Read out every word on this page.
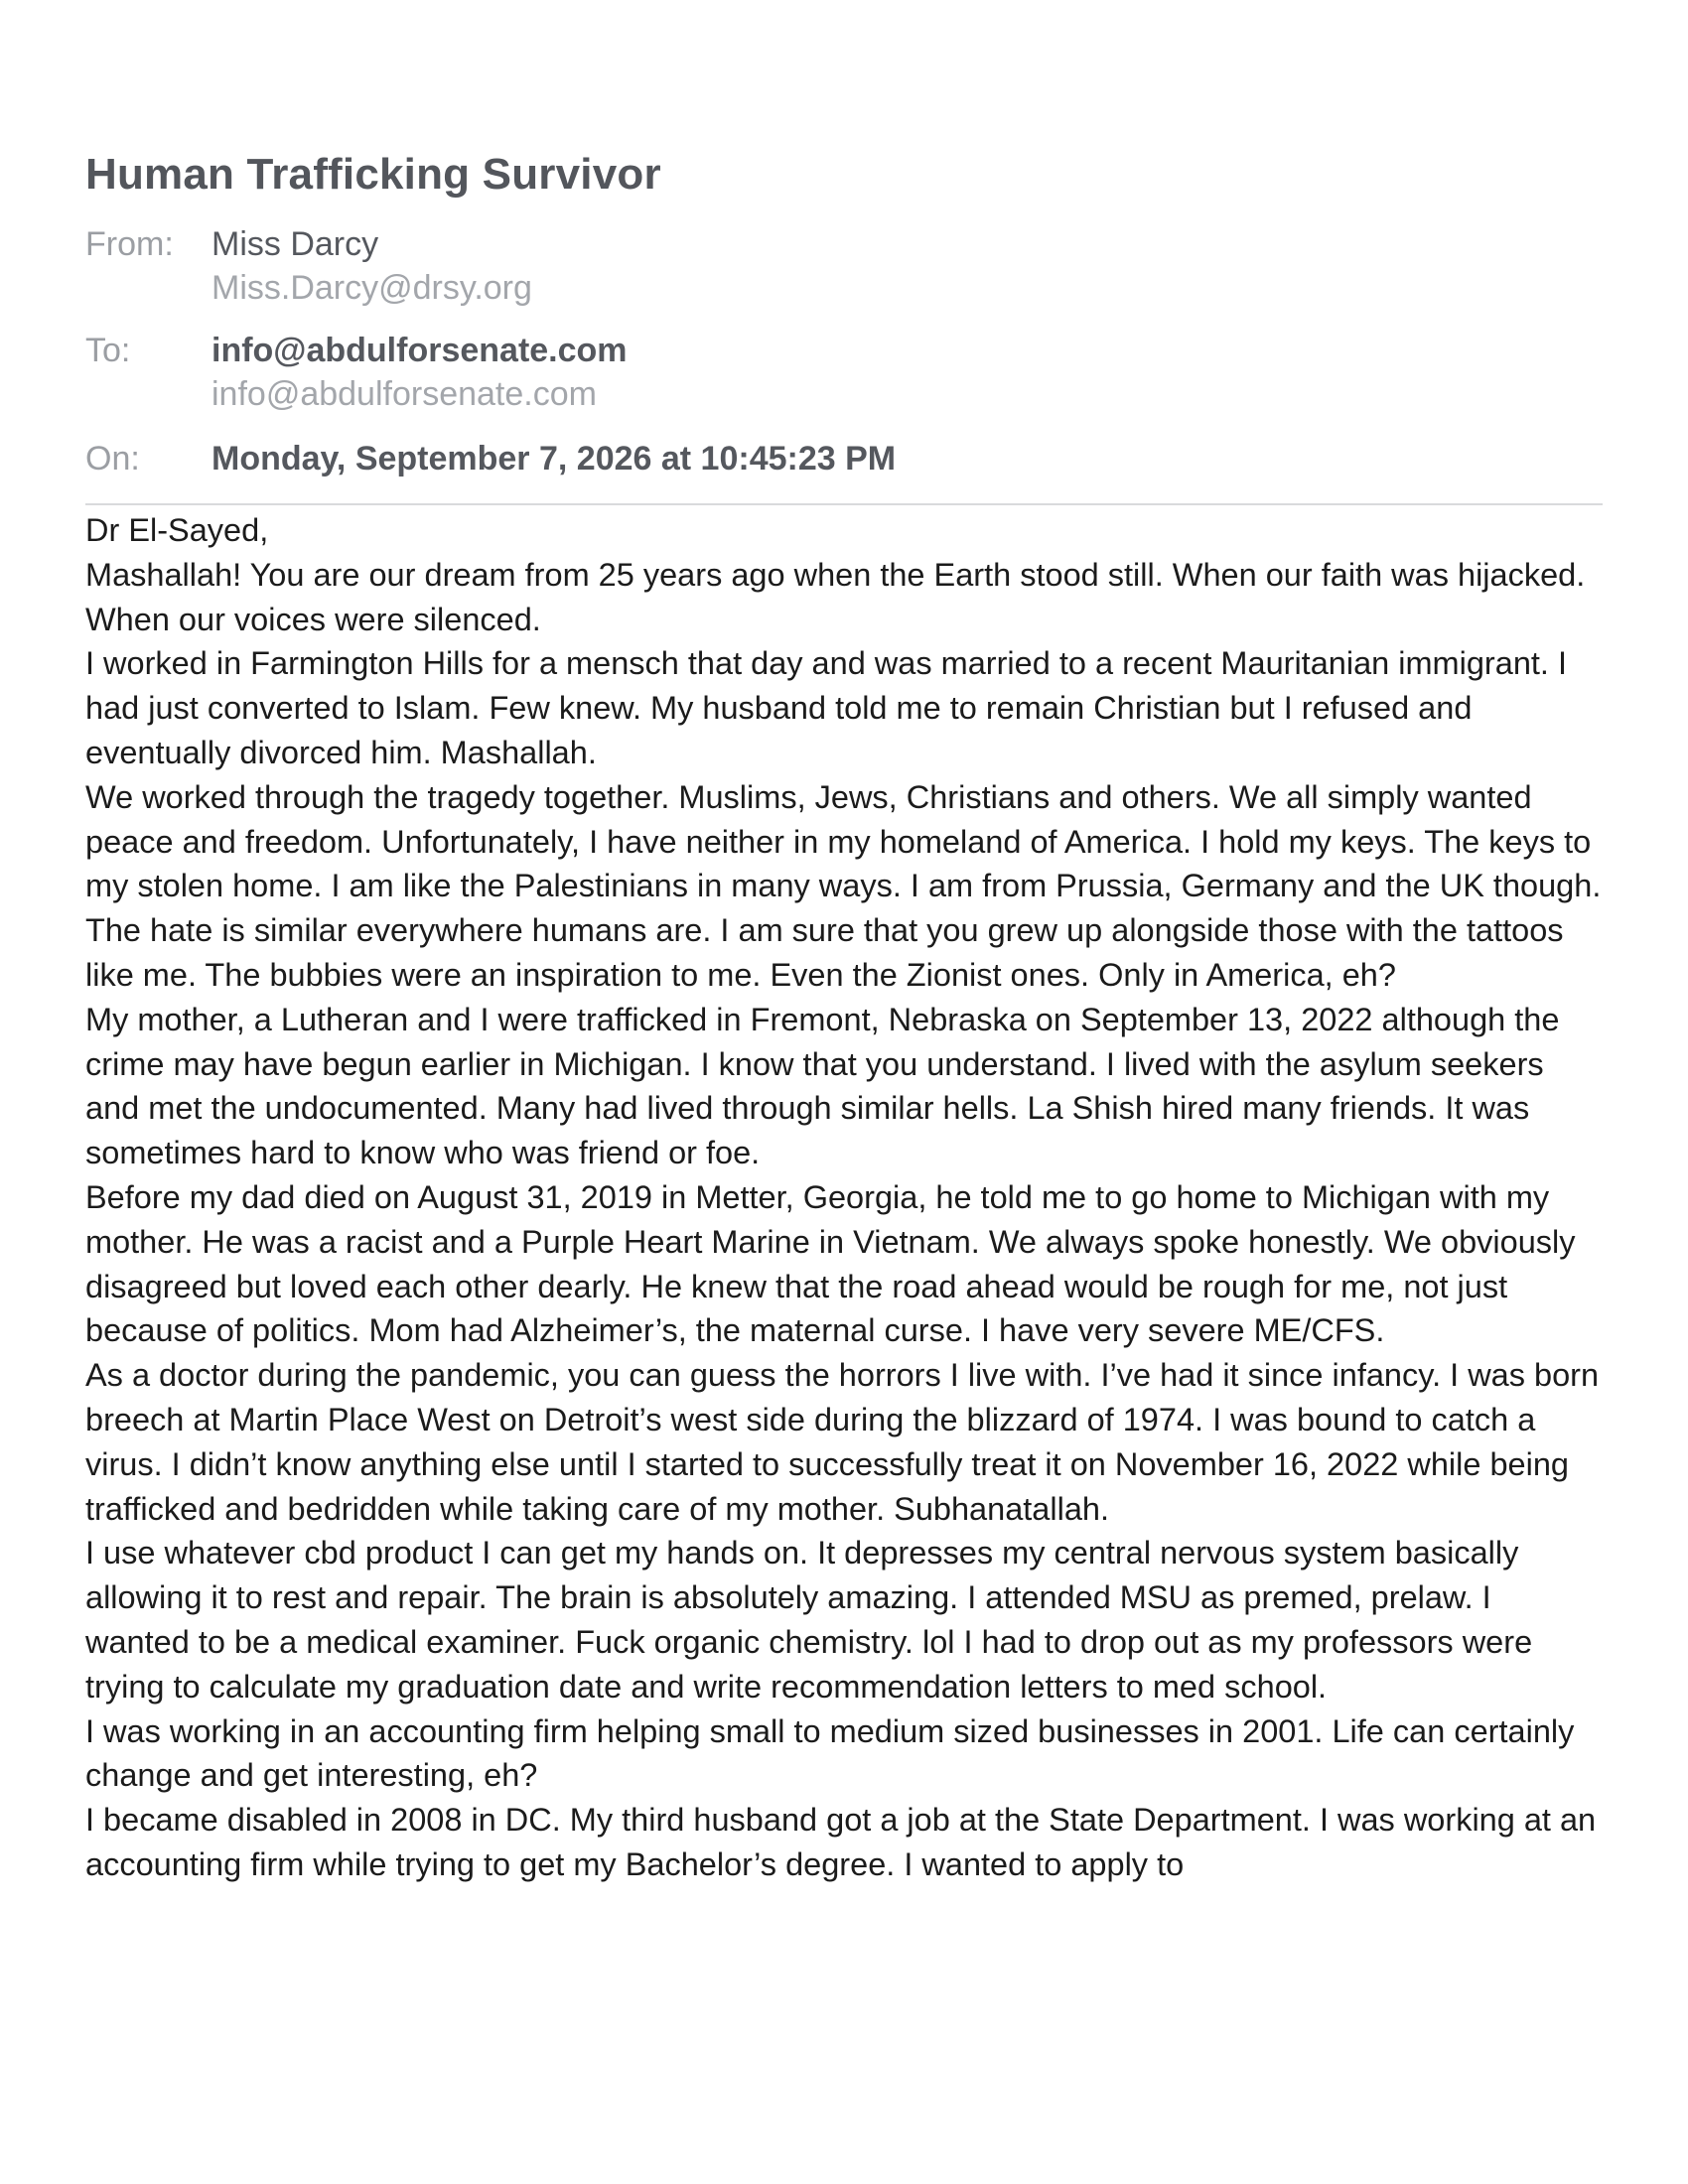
Human Trafficking Survivor
From: Miss Darcy
Miss.Darcy@drsy.org
To: info@abdulforsenate.com
info@abdulforsenate.com
On: Monday, September 7, 2026 at 10:45:23 PM

Dr El-Sayed,

Mashallah! You are our dream from 25 years ago when the Earth stood still. When our faith was hijacked. When our voices were silenced.

I worked in Farmington Hills for a mensch that day and was married to a recent Mauritanian immigrant. I had just converted to Islam. Few knew. My husband told me to remain Christian but I refused and eventually divorced him. Mashallah.

We worked through the tragedy together. Muslims, Jews, Christians and others. We all simply wanted peace and freedom. Unfortunately, I have neither in my homeland of America. I hold my keys. The keys to my stolen home. I am like the Palestinians in many ways. I am from Prussia, Germany and the UK though. The hate is similar everywhere humans are. I am sure that you grew up alongside those with the tattoos like me. The bubbies were an inspiration to me. Even the Zionist ones. Only in America, eh?

My mother, a Lutheran and I were trafficked in Fremont, Nebraska on September 13, 2022 although the crime may have begun earlier in Michigan. I know that you understand. I lived with the asylum seekers and met the undocumented. Many had lived through similar hells. La Shish hired many friends. It was sometimes hard to know who was friend or foe.

Before my dad died on August 31, 2019 in Metter, Georgia, he told me to go home to Michigan with my mother. He was a racist and a Purple Heart Marine in Vietnam. We always spoke honestly. We obviously disagreed but loved each other dearly. He knew that the road ahead would be rough for me, not just because of politics. Mom had Alzheimer’s, the maternal curse. I have very severe ME/CFS.

As a doctor during the pandemic, you can guess the horrors I live with. I’ve had it since infancy. I was born breech at Martin Place West on Detroit’s west side during the blizzard of 1974. I was bound to catch a virus. I didn’t know anything else until I started to successfully treat it on November 16, 2022 while being trafficked and bedridden while taking care of my mother. Subhanatallah.

I use whatever cbd product I can get my hands on. It depresses my central nervous system basically allowing it to rest and repair. The brain is absolutely amazing. I attended MSU as premed, prelaw. I wanted to be a medical examiner. Fuck organic chemistry. lol I had to drop out as my professors were trying to calculate my graduation date and write recommendation letters to med school.

I was working in an accounting firm helping small to medium sized businesses in 2001. Life can certainly change and get interesting, eh?

I became disabled in 2008 in DC. My third husband got a job at the State Department. I was working at an accounting firm while trying to get my Bachelor’s degree. I wanted to apply to
